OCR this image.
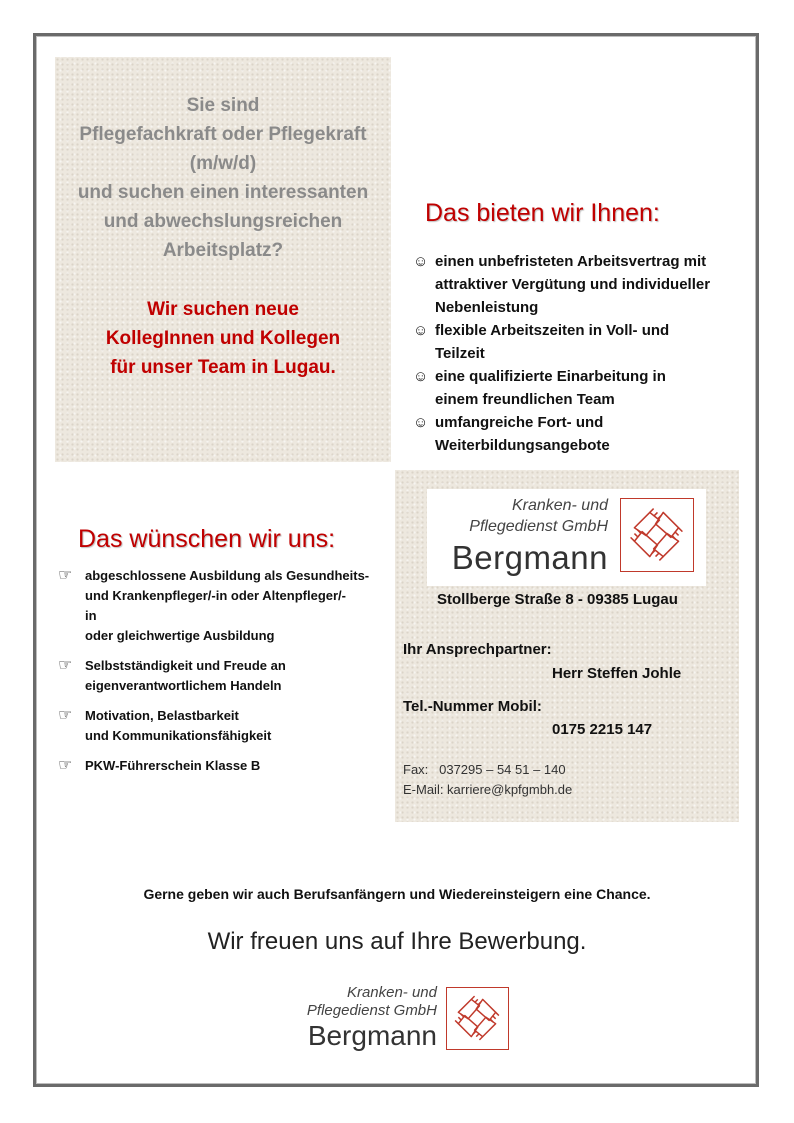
Sie sind

Pflegefachkraft oder Pflegekraft

(m/w/d)

und suchen einen interessanten

und abwechslungsreichen

Arbeitsplatz?

Wir suchen neue

KollegInnen und Kollegen

für unser Team in Lugau.

Das bieten wir Ihnen:
☺ einen unbefristeten Arbeitsvertrag mit attraktiver Vergütung und individueller Nebenleistung
☺ flexible Arbeitszeiten in Voll- und Teilzeit
☺ eine qualifizierte Einarbeitung in einem freundlichen Team
☺ umfangreiche Fort- und Weiterbildungsangebote
Das wünschen wir uns:
☞ abgeschlossene Ausbildung als Gesundheits-
und Krankenpfleger/-in oder Altenpfleger/-
in
oder gleichwertige Ausbildung
☞ Selbstständigkeit und Freude an
eigenverantwortlichem Handeln
☞ Motivation, Belastbarkeit
und Kommunikationsfähigkeit
☞ PKW-Führerschein Klasse B
Kranken- und
Pflegedienst GmbH
Bergmann
Stollberge Straße 8 - 09385 Lugau
Ihr Ansprechpartner:
Herr Steffen Johle
Tel.-Nummer Mobil:
0175 2215 147
Fax:   037295 – 54 51 – 140
E-Mail: karriere@kpfgmbh.de
Gerne geben wir auch Berufsanfängern und Wiedereinsteigern eine Chance.
Wir freuen uns auf Ihre Bewerbung.
Kranken- und
Pflegedienst GmbH
Bergmann
